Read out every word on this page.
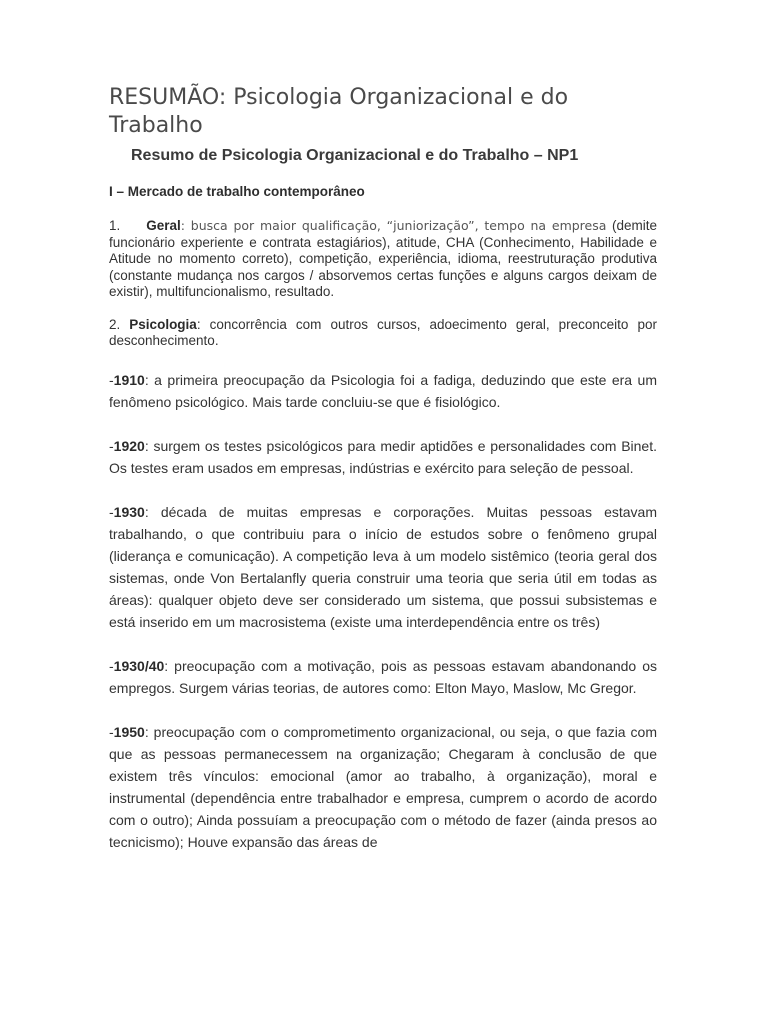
RESUMÃO: Psicologia Organizacional e do Trabalho
Resumo de Psicologia Organizacional e do Trabalho – NP1
I – Mercado de trabalho contemporâneo

1. Geral: busca por maior qualificação, “juniorização”, tempo na empresa (demite funcionário experiente e contrata estagiários), atitude, CHA (Conhecimento, Habilidade e Atitude no momento correto), competição, experiência, idioma, reestruturação produtiva (constante mudança nos cargos / absorvemos certas funções e alguns cargos deixam de existir), multifuncionalismo, resultado.

2. Psicologia: concorrência com outros cursos, adoecimento geral, preconceito por desconhecimento.

-1910: a primeira preocupação da Psicologia foi a fadiga, deduzindo que este era um fenômeno psicológico. Mais tarde concluiu-se que é fisiológico.

-1920: surgem os testes psicológicos para medir aptidões e personalidades com Binet. Os testes eram usados em empresas, indústrias e exército para seleção de pessoal.

-1930: década de muitas empresas e corporações. Muitas pessoas estavam trabalhando, o que contribuiu para o início de estudos sobre o fenômeno grupal (liderança e comunicação). A competição leva à um modelo sistêmico (teoria geral dos sistemas, onde Von Bertalanfly queria construir uma teoria que seria útil em todas as áreas): qualquer objeto deve ser considerado um sistema, que possui subsistemas e está inserido em um macrosistema (existe uma interdependência entre os três)

-1930/40: preocupação com a motivação, pois as pessoas estavam abandonando os empregos. Surgem várias teorias, de autores como: Elton Mayo, Maslow, Mc Gregor.

-1950: preocupação com o comprometimento organizacional, ou seja, o que fazia com que as pessoas permanecessem na organização; Chegaram à conclusão de que existem três vínculos: emocional (amor ao trabalho, à organização), moral e instrumental (dependência entre trabalhador e empresa, cumprem o acordo de acordo com o outro); Ainda possuíam a preocupação com o método de fazer (ainda presos ao tecnicismo); Houve expansão das áreas de
